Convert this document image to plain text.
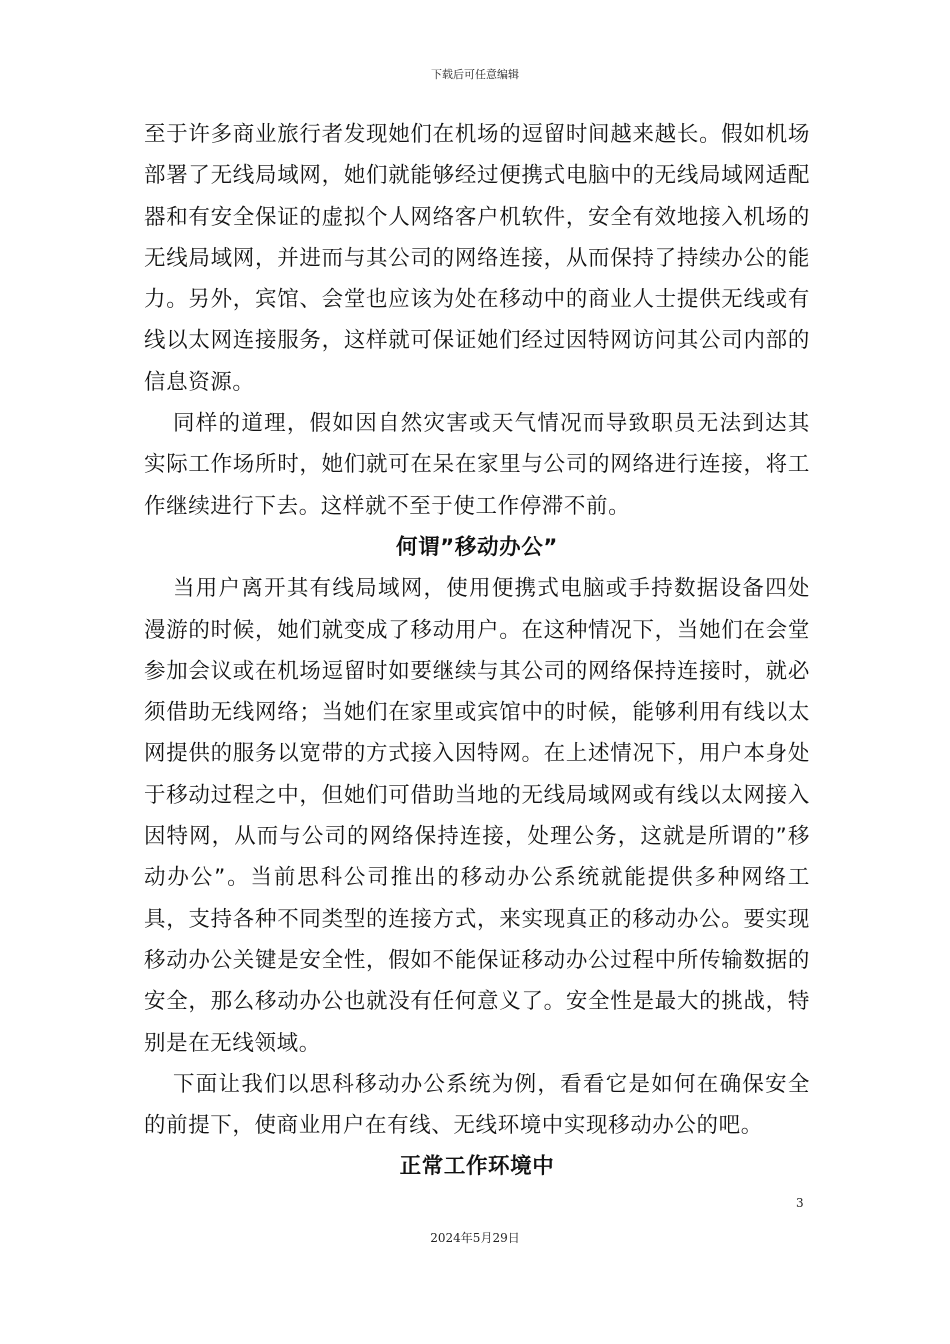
下载后可任意编辑

至于许多商业旅行者发现她们在机场的逗留时间越来越长。假如机场部署了无线局域网，她们就能够经过便携式电脑中的无线局域网适配器和有安全保证的虚拟个人网络客户机软件，安全有效地接入机场的无线局域网，并进而与其公司的网络连接，从而保持了持续办公的能力。另外，宾馆、会堂也应该为处在移动中的商业人士提供无线或有线以太网连接服务，这样就可保证她们经过因特网访问其公司内部的信息资源。

同样的道理，假如因自然灾害或天气情况而导致职员无法到达其实际工作场所时，她们就可在呆在家里与公司的网络进行连接，将工作继续进行下去。这样就不至于使工作停滞不前。

何谓”移动办公”

当用户离开其有线局域网，使用便携式电脑或手持数据设备四处漫游的时候，她们就变成了移动用户。在这种情况下，当她们在会堂参加会议或在机场逗留时如要继续与其公司的网络保持连接时，就必须借助无线网络；当她们在家里或宾馆中的时候，能够利用有线以太网提供的服务以宽带的方式接入因特网。在上述情况下，用户本身处于移动过程之中，但她们可借助当地的无线局域网或有线以太网接入因特网，从而与公司的网络保持连接，处理公务，这就是所谓的”移动办公”。当前思科公司推出的移动办公系统就能提供多种网络工具，支持各种不同类型的连接方式，来实现真正的移动办公。要实现移动办公关键是安全性，假如不能保证移动办公过程中所传输数据的安全，那么移动办公也就没有任何意义了。安全性是最大的挑战，特别是在无线领域。

下面让我们以思科移动办公系统为例，看看它是如何在确保安全的前提下，使商业用户在有线、无线环境中实现移动办公的吧。

正常工作环境中
3
2024年5月29日
